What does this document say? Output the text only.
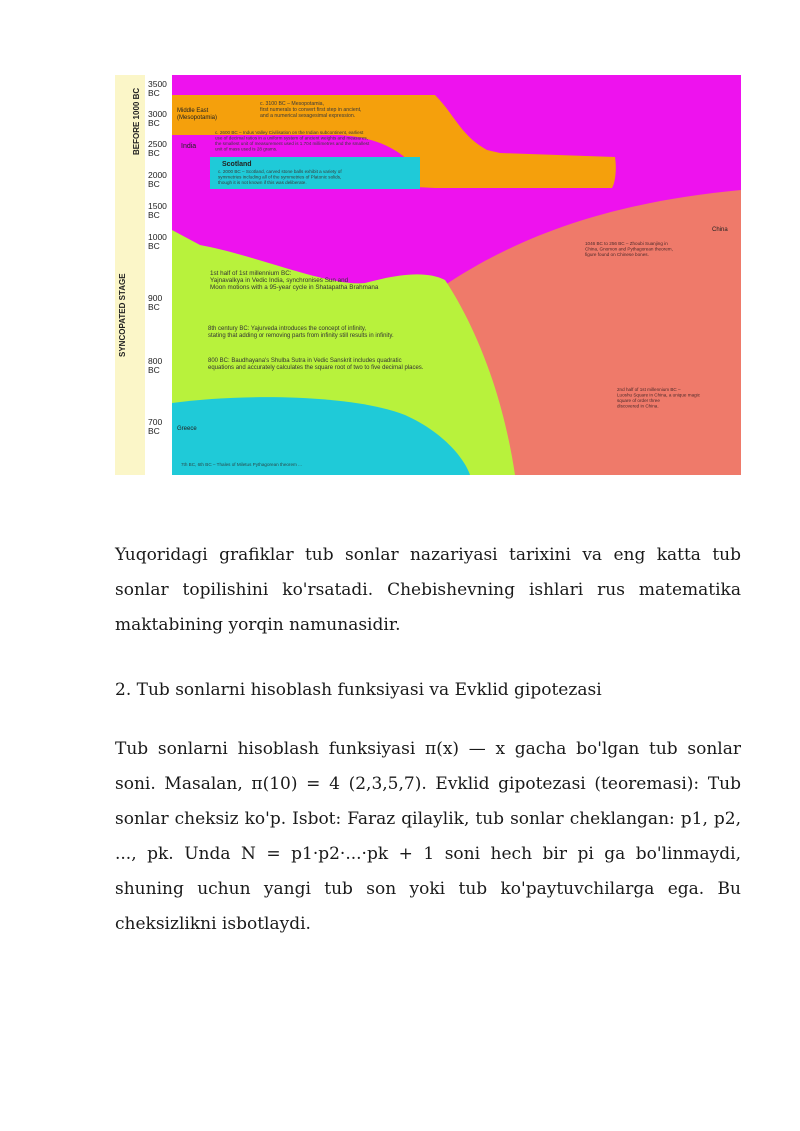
BEFORE 1000 BC
SYNCOPATED STAGE
3500 BC
3000 BC
2500 BC
2000 BC
1500 BC
1000 BC
900 BC
800 BC
700 BC
Middle East (Mesopotamia)
India
Scotland
China
Greece
c. 3100 BC – Mesopotamia, first numerals to convert first step in ancient, and a numerical sexagesimal expression.
c. 2600 BC – Indus Valley Civilisation on the Indian subcontinent, earliest use of decimal ratios in a uniform system of ancient weights and measures, the smallest unit of measurement used is 1.704 millimetres and the smallest unit of mass used is 28 grams.
c. 2000 BC – Scotland, carved stone balls exhibit a variety of symmetries including all of the symmetries of Platonic solids, though it is not known if this was deliberate.
1st half of 1st millennium BC: Yajnavalkya in Vedic India, synchronises Sun and Moon motions with a 95-year cycle in Shatapatha Brahmana
8th century BC: Yajurveda introduces the concept of infinity, stating that adding or removing parts from infinity still results in infinity.
800 BC: Baudhayana's Shulba Sutra in Vedic Sanskrit includes quadratic equations and accurately calculates the square root of two to five decimal places.
1046 BC to 256 BC – Zhoubi Suanjing in China, Gnomon and Pythagorean theorem, figure found on Chinese bones.
2nd half of 1st millennium BC – Luoshu Square in China, a unique magic square of order three discovered in China.
7th BC, 6th BC – Thales of Miletus Pythagorean theorem ...
Yuqoridagi grafiklar tub sonlar nazariyasi tarixini va eng katta tub sonlar topilishini ko'rsatadi. Chebishevning ishlari rus matematika maktabining yorqin namunasidir.
2. Tub sonlarni hisoblash funksiyasi va Evklid gipotezasi
Tub sonlarni hisoblash funksiyasi π(x) — x gacha bo'lgan tub sonlar soni. Masalan, π(10) = 4 (2,3,5,7). Evklid gipotezasi (teoremasi): Tub sonlar cheksiz ko'p. Isbot: Faraz qilaylik, tub sonlar cheklangan: p1, p2, ..., pk. Unda N = p1·p2·...·pk + 1 soni hech bir pi ga bo'linmaydi, shuning uchun yangi tub son yoki tub ko'paytuvchilarga ega. Bu cheksizlikni isbotlaydi.
